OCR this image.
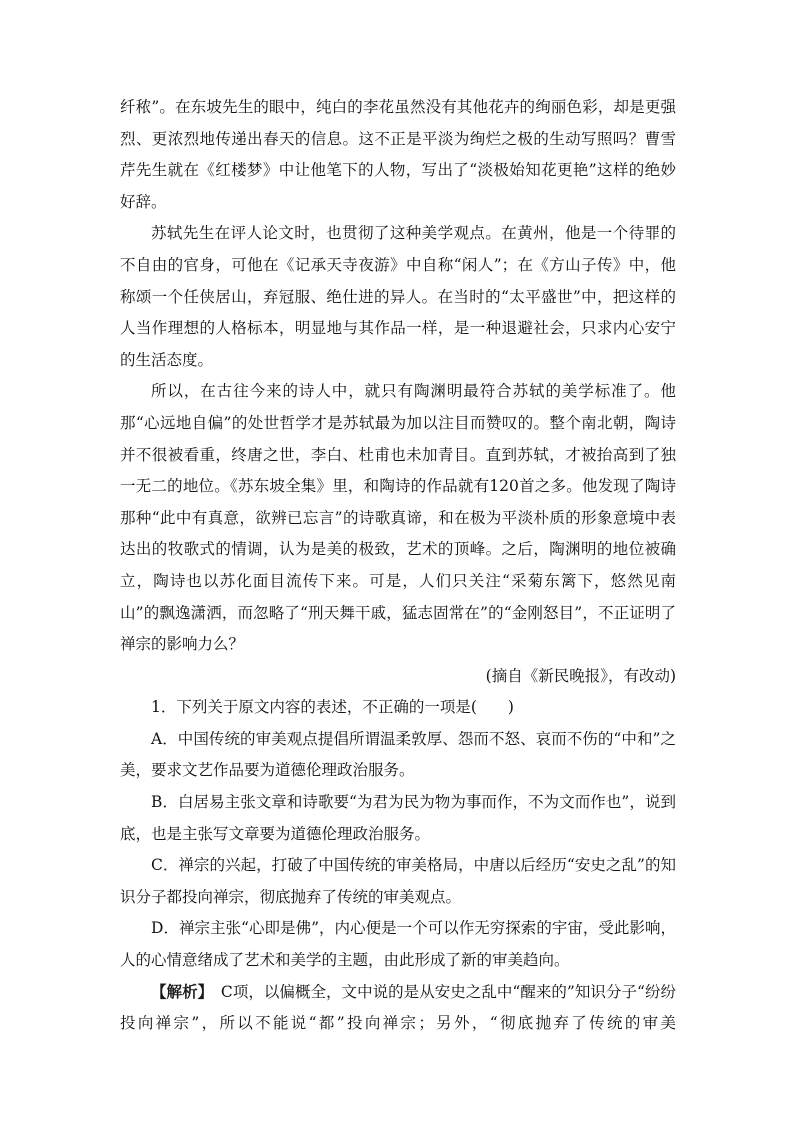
纤秾”。在东坡先生的眼中，纯白的李花虽然没有其他花卉的绚丽色彩，却是更强烈、更浓烈地传递出春天的信息。这不正是平淡为绚烂之极的生动写照吗？曹雪芹先生就在《红楼梦》中让他笔下的人物，写出了“淡极始知花更艳”这样的绝妙好辞。

苏轼先生在评人论文时，也贯彻了这种美学观点。在黄州，他是一个待罪的不自由的官身，可他在《记承天寺夜游》中自称“闲人”；在《方山子传》中，他称颂一个任侠居山，弃冠服、绝仕进的异人。在当时的“太平盛世”中，把这样的人当作理想的人格标本，明显地与其作品一样，是一种退避社会，只求内心安宁的生活态度。

所以，在古往今来的诗人中，就只有陶渊明最符合苏轼的美学标准了。他那“心远地自偏”的处世哲学才是苏轼最为加以注目而赞叹的。整个南北朝，陶诗并不很被看重，终唐之世，李白、杜甫也未加青目。直到苏轼，才被抬高到了独一无二的地位。《苏东坡全集》里，和陶诗的作品就有120首之多。他发现了陶诗那种“此中有真意，欲辨已忘言”的诗歌真谛，和在极为平淡朴质的形象意境中表达出的牧歌式的情调，认为是美的极致，艺术的顶峰。之后，陶渊明的地位被确立，陶诗也以苏化面目流传下来。可是，人们只关注“采菊东篱下，悠然见南山”的飘逸潇洒，而忽略了“刑天舞干戚，猛志固常在”的“金刚怒目”，不正证明了禅宗的影响力么？

(摘自《新民晚报》，有改动)

1．下列关于原文内容的表述，不正确的一项是(　　)

A．中国传统的审美观点提倡所谓温柔敦厚、怨而不怒、哀而不伤的“中和”之美，要求文艺作品要为道德伦理政治服务。

B．白居易主张文章和诗歌要“为君为民为物为事而作，不为文而作也”，说到底，也是主张写文章要为道德伦理政治服务。

C．禅宗的兴起，打破了中国传统的审美格局，中唐以后经历“安史之乱”的知识分子都投向禅宗，彻底抛弃了传统的审美观点。

D．禅宗主张“心即是佛”，内心便是一个可以作无穷探索的宇宙，受此影响，人的心情意绪成了艺术和美学的主题，由此形成了新的审美趋向。

【解析】　C项，以偏概全，文中说的是从安史之乱中“醒来的”知识分子“纷纷投向禅宗”，所以不能说“都”投向禅宗；另外，“彻底抛弃了传统的审美
